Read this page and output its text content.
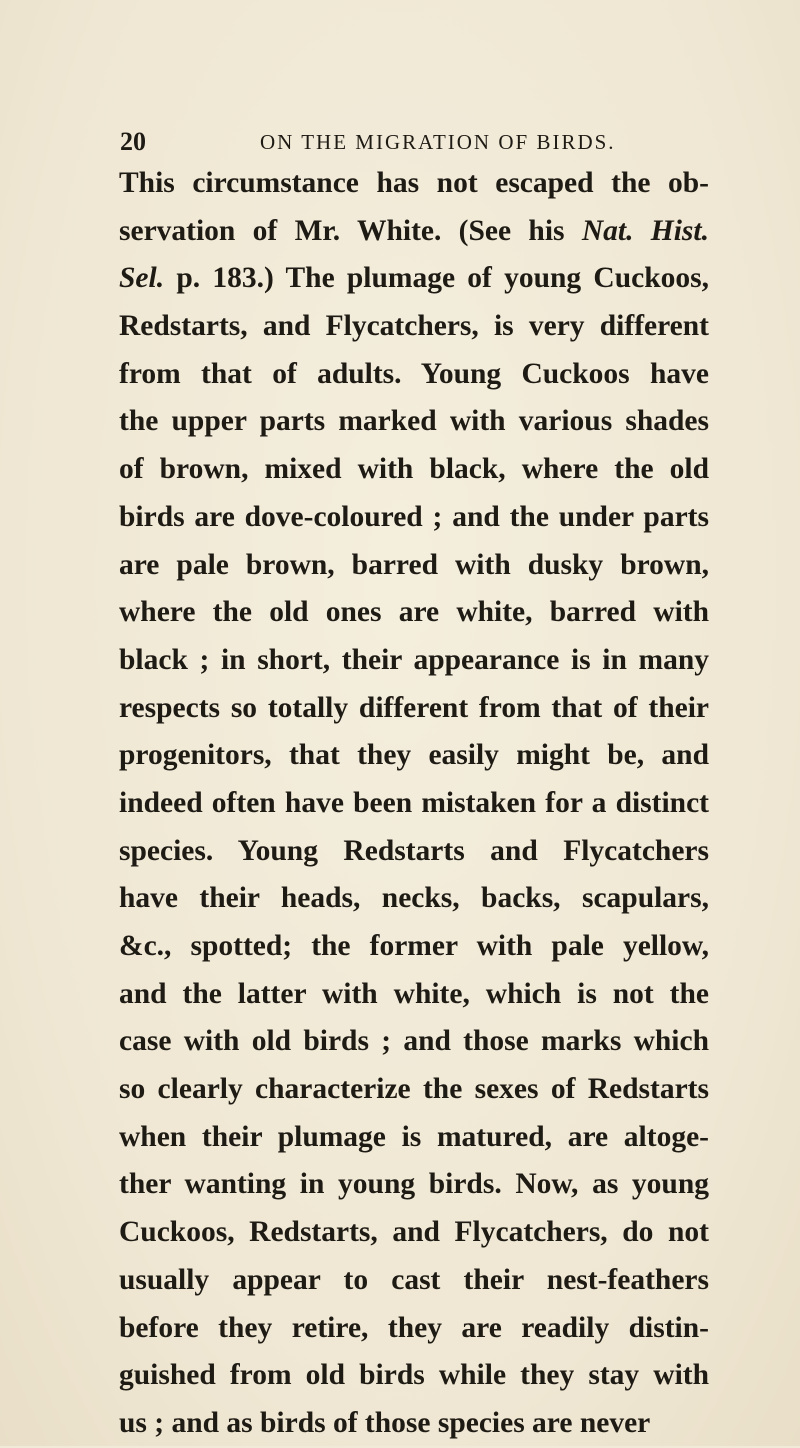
20	ON THE MIGRATION OF BIRDS.
This circumstance has not escaped the ob-
servation of Mr. White. (See his Nat. Hist.
Sel. p. 183.) The plumage of young Cuckoos,
Redstarts, and Flycatchers, is very different
from that of adults. Young Cuckoos have
the upper parts marked with various shades
of brown, mixed with black, where the old
birds are dove-coloured ; and the under parts
are pale brown, barred with dusky brown,
where the old ones are white, barred with
black ; in short, their appearance is in many
respects so totally different from that of their
progenitors, that they easily might be, and
indeed often have been mistaken for a distinct
species. Young Redstarts and Flycatchers
have their heads, necks, backs, scapulars,
&c., spotted; the former with pale yellow,
and the latter with white, which is not the
case with old birds ; and those marks which
so clearly characterize the sexes of Redstarts
when their plumage is matured, are altoge-
ther wanting in young birds. Now, as young
Cuckoos, Redstarts, and Flycatchers, do not
usually appear to cast their nest-feathers
before they retire, they are readily distin-
guished from old birds while they stay with
us ; and as birds of those species are never
